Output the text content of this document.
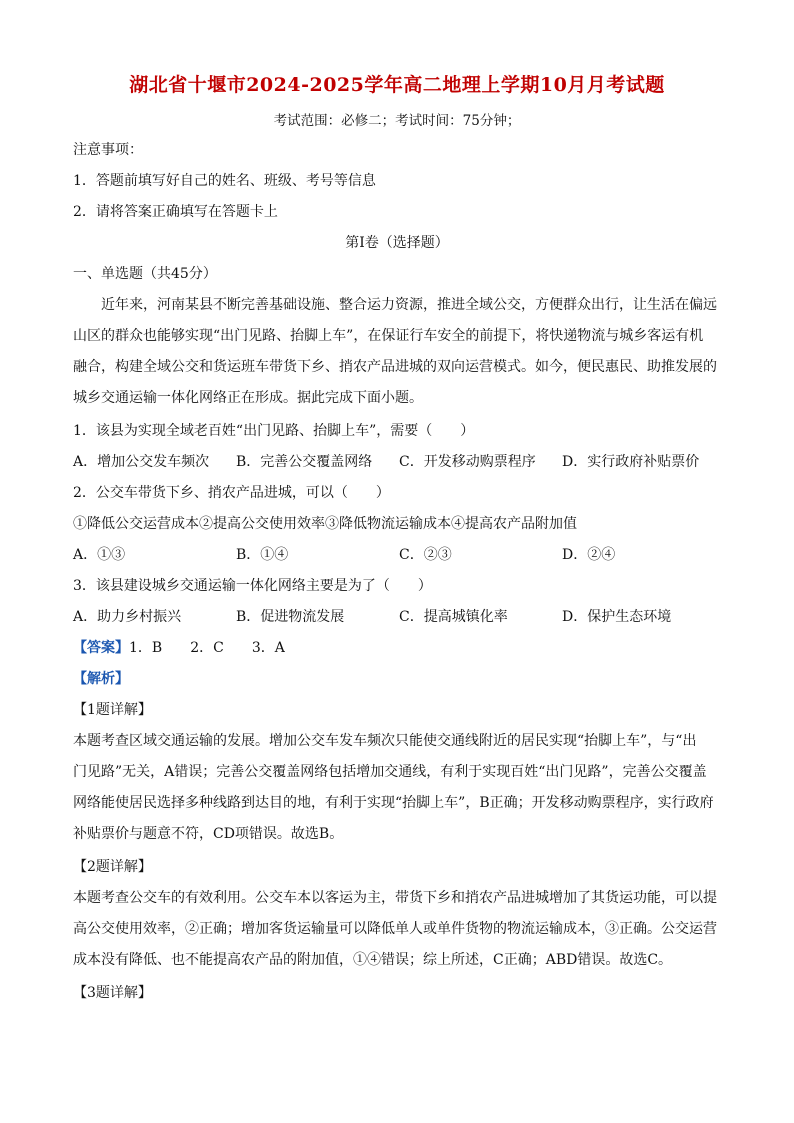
湖北省十堰市2024-2025学年高二地理上学期10月月考试题
考试范围：必修二；考试时间：75分钟；
注意事项：
1．答题前填写好自己的姓名、班级、考号等信息
2．请将答案正确填写在答题卡上
第I卷（选择题）
一、单选题（共45分）
近年来，河南某县不断完善基础设施、整合运力资源，推进全域公交，方便群众出行，让生活在偏远
山区的群众也能够实现“出门见路、抬脚上车”，在保证行车安全的前提下，将快递物流与城乡客运有机
融合，构建全域公交和货运班车带货下乡、捎农产品进城的双向运营模式。如今，便民惠民、助推发展的
城乡交通运输一体化网络正在形成。据此完成下面小题。
1．该县为实现全域老百姓“出门见路、抬脚上车”，需要（　　）
A．增加公交发车频次 B．完善公交覆盖网络 C．开发移动购票程序 D．实行政府补贴票价
2．公交车带货下乡、捎农产品进城，可以（　　）
①降低公交运营成本②提高公交使用效率③降低物流运输成本④提高农产品附加值
A．①③	B．①④	C．②③	D．②④
3．该县建设城乡交通运输一体化网络主要是为了（　　）
A．助力乡村振兴	B．促进物流发展	C．提高城镇化率	D．保护生态环境
【答案】1．B　　2．C　　3．A
【解析】
【1题详解】
本题考查区域交通运输的发展。增加公交车发车频次只能使交通线附近的居民实现“抬脚上车”，与“出
门见路”无关，A错误；完善公交覆盖网络包括增加交通线，有利于实现百姓“出门见路”，完善公交覆盖
网络能使居民选择多种线路到达目的地，有利于实现“抬脚上车”，B正确；开发移动购票程序，实行政府
补贴票价与题意不符，CD项错误。故选B。
【2题详解】
本题考查公交车的有效利用。公交车本以客运为主，带货下乡和捎农产品进城增加了其货运功能，可以提
高公交使用效率，②正确；增加客货运输量可以降低单人或单件货物的物流运输成本，③正确。公交运营
成本没有降低、也不能提高农产品的附加值，①④错误；综上所述，C正确；ABD错误。故选C。
【3题详解】
